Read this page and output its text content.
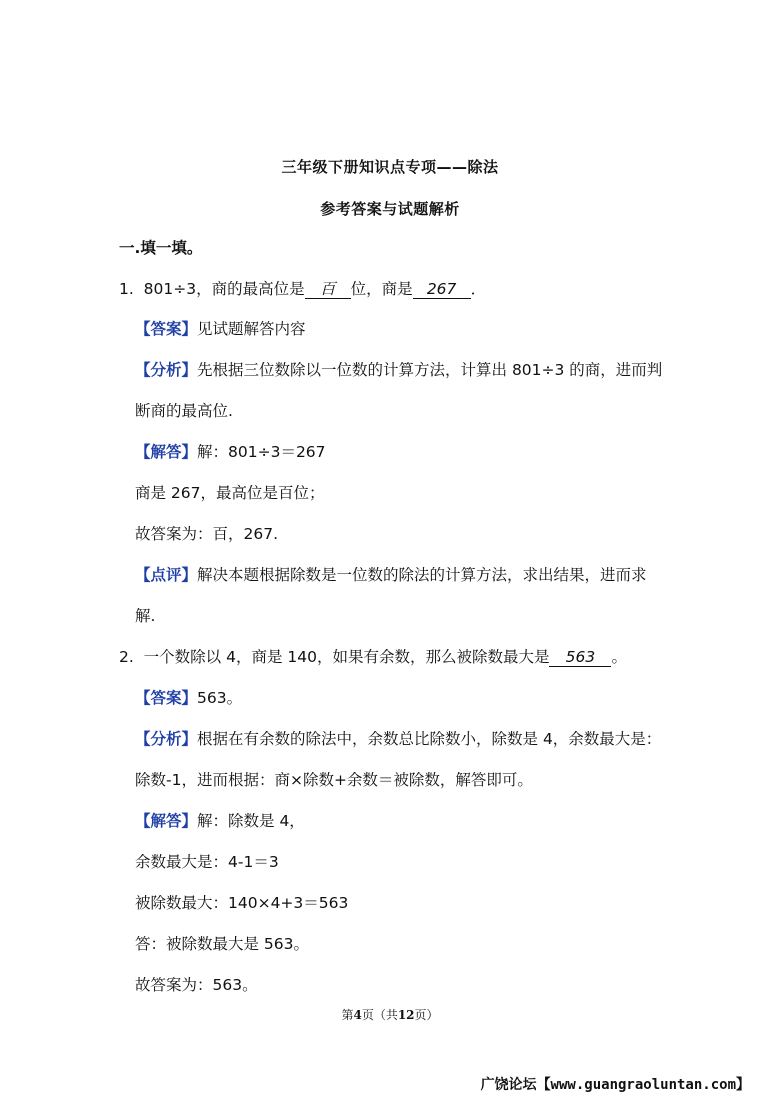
三年级下册知识点专项——除法
参考答案与试题解析
一.填一填。
1. 801÷3，商的最高位是 百 位，商是 267 ．
【答案】见试题解答内容
【分析】先根据三位数除以一位数的计算方法，计算出 801÷3 的商，进而判
断商的最高位.
【解答】解：801÷3＝267
商是 267，最高位是百位；
故答案为：百，267.
【点评】解决本题根据除数是一位数的除法的计算方法，求出结果，进而求
解.
2. 一个数除以 4，商是 140，如果有余数，那么被除数最大是 563 。
【答案】563。
【分析】根据在有余数的除法中，余数总比除数小，除数是 4，余数最大是：
除数-1，进而根据：商×除数+余数＝被除数，解答即可。
【解答】解：除数是 4，
余数最大是：4-1＝3
被除数最大：140×4+3＝563
答：被除数最大是 563。
故答案为：563。
第4页（共12页）
广饶论坛【www.guangraoluntan.com】
